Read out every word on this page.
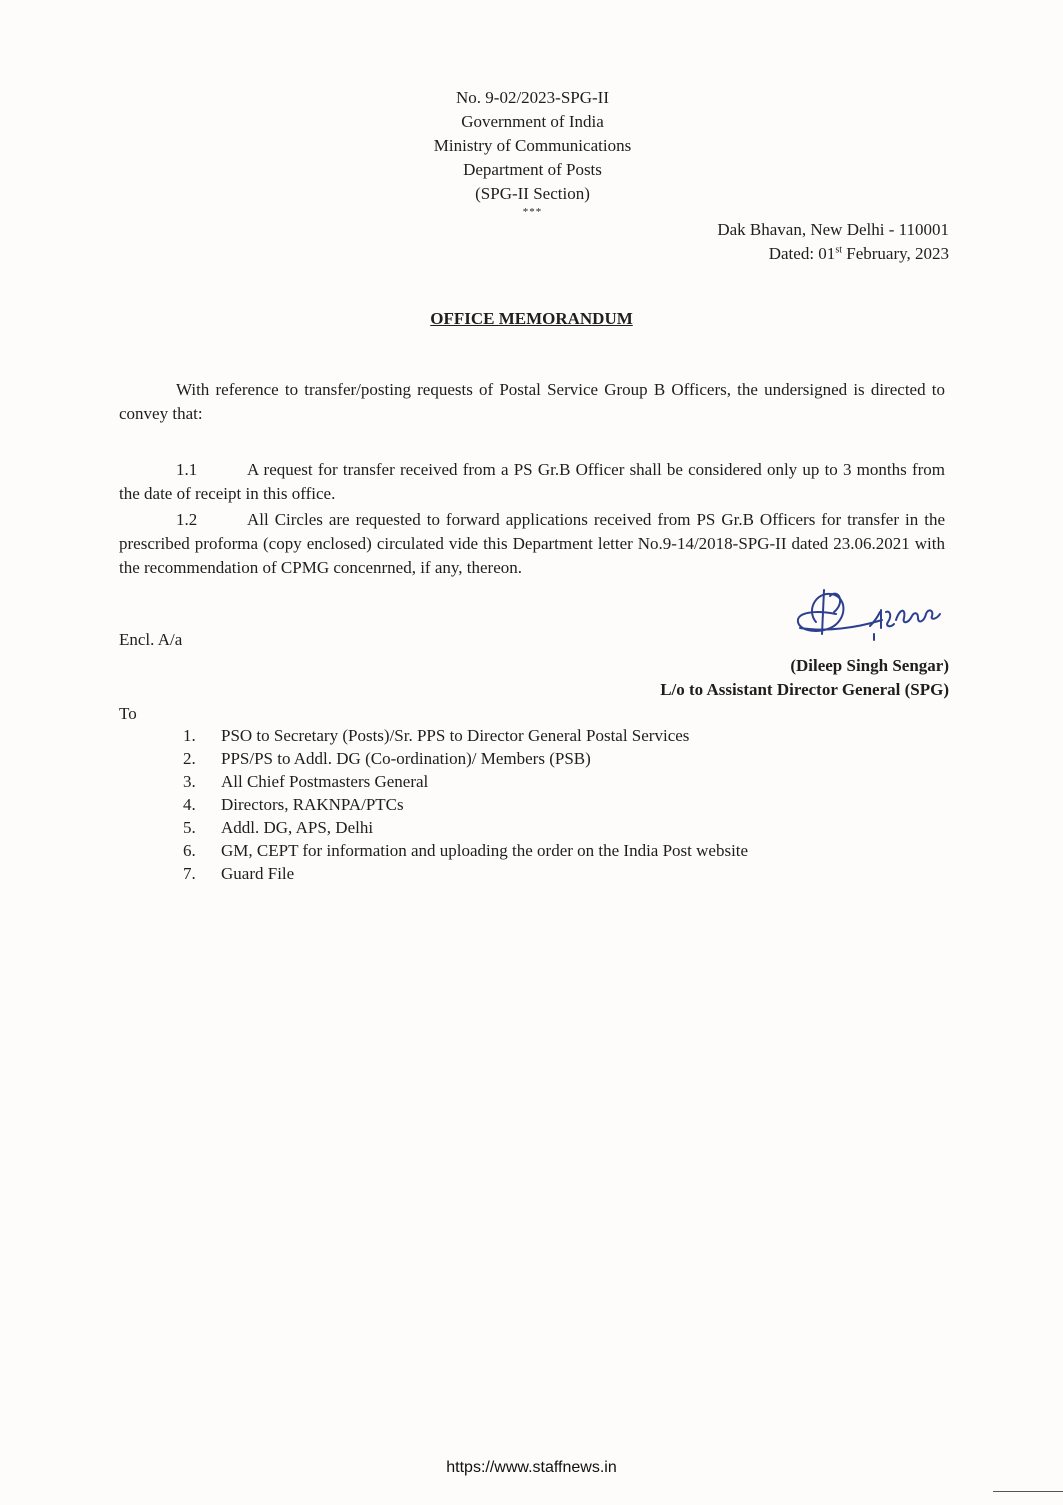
No. 9-02/2023-SPG-II
Government of India
Ministry of Communications
Department of Posts
(SPG-II Section)
***
Dak Bhavan, New Delhi - 110001
Dated: 01st February, 2023
OFFICE MEMORANDUM

With reference to transfer/posting requests of Postal Service Group B Officers, the undersigned is directed to convey that:

1.1	A request for transfer received from a PS Gr.B Officer shall be considered only up to 3 months from the date of receipt in this office.

1.2	All Circles are requested to forward applications received from PS Gr.B Officers for transfer in the prescribed proforma (copy enclosed) circulated vide this Department letter No.9-14/2018-SPG-II dated 23.06.2021 with the recommendation of CPMG concenrned, if any, thereon.

Encl. A/a
(Dileep Singh Sengar)
L/o to Assistant Director General (SPG)
To
1. PSO to Secretary (Posts)/Sr. PPS to Director General Postal Services
2. PPS/PS to Addl. DG (Co-ordination)/ Members (PSB)
3. All Chief Postmasters General
4. Directors, RAKNPA/PTCs
5. Addl. DG, APS, Delhi
6. GM, CEPT for information and uploading the order on the India Post website
7. Guard File
https://www.staffnews.in
